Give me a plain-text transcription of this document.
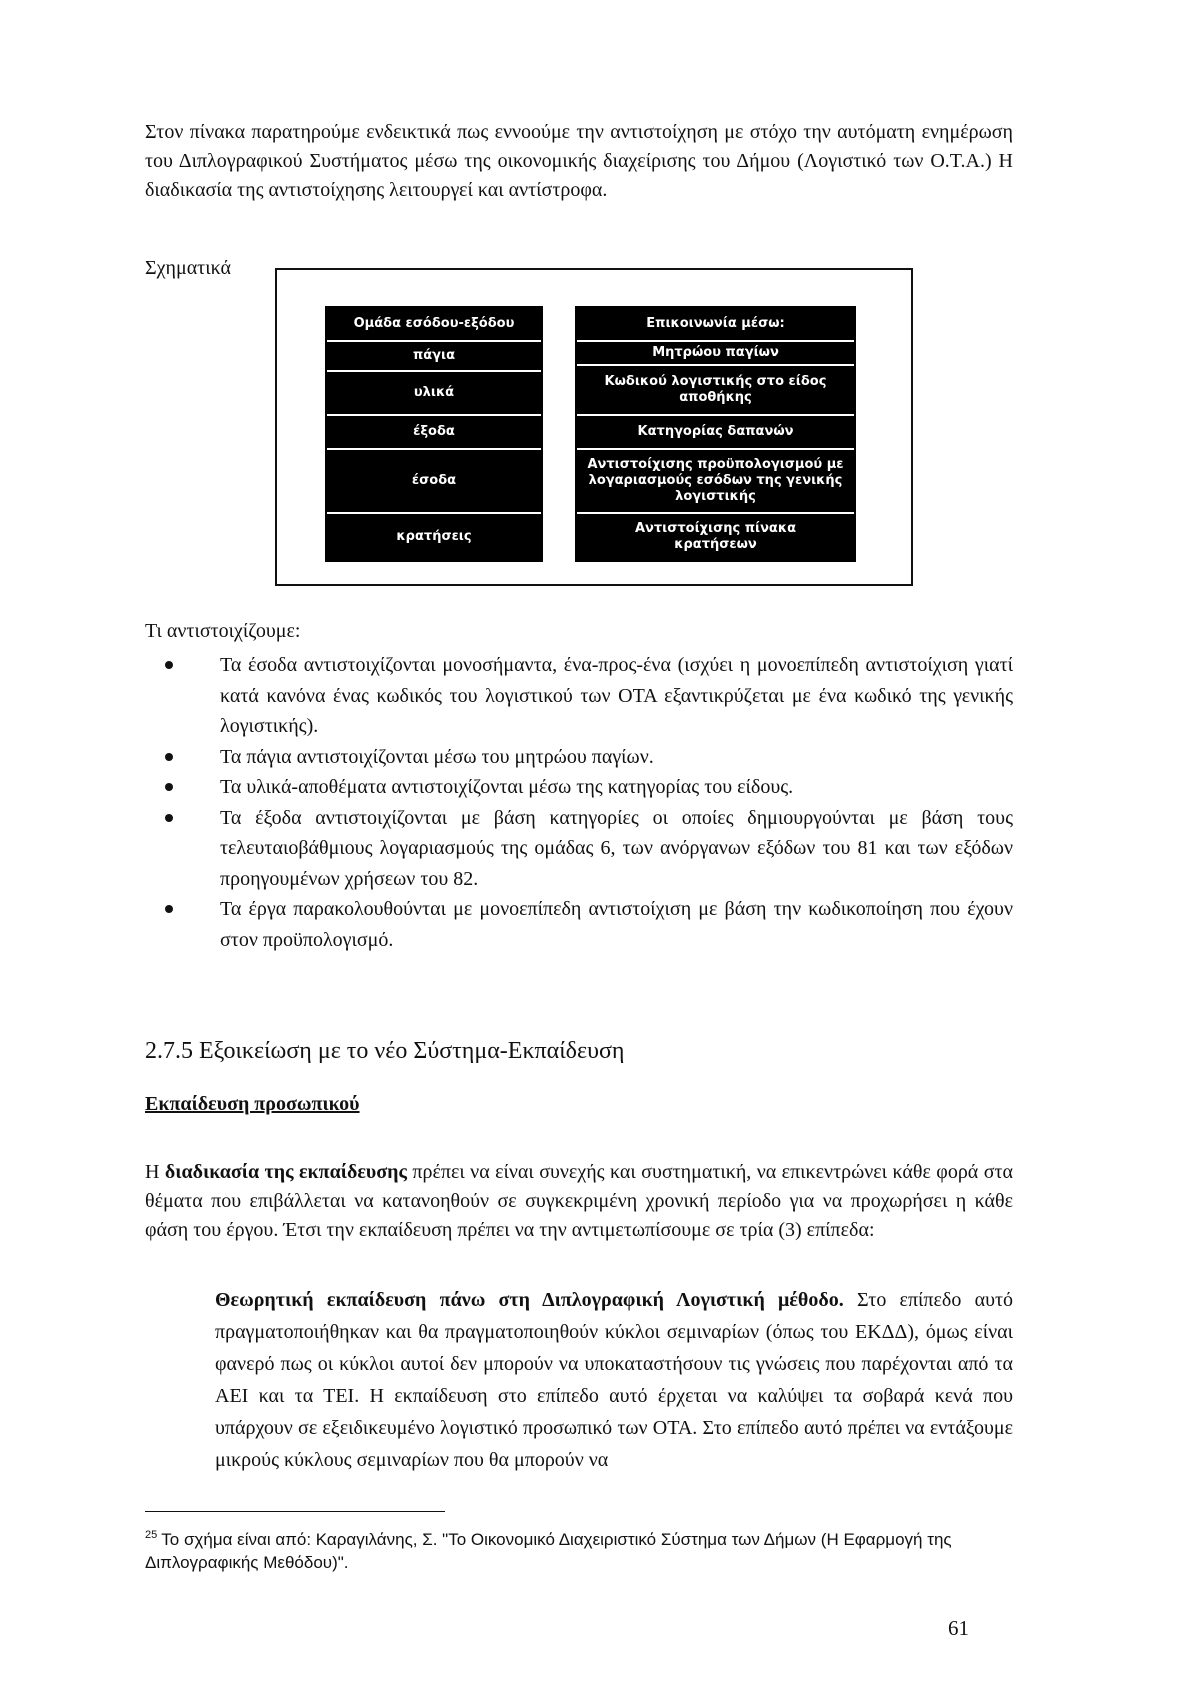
Στον πίνακα παρατηρούμε ενδεικτικά πως εννοούμε την αντιστοίχηση με στόχο την αυτόματη ενημέρωση του Διπλογραφικού Συστήματος μέσω της οικονομικής διαχείρισης του Δήμου (Λογιστικό των Ο.Τ.Α.) Η διαδικασία της αντιστοίχησης λειτουργεί και αντίστροφα.

Σχηματικά
Ομάδα εσόδου-εξόδου
πάγια
υλικά
έξοδα
έσοδα
κρατήσεις
Επικοινωνία μέσω:
Μητρώου παγίων
Κωδικού λογιστικής στο είδος αποθήκης
Κατηγορίας δαπανών
Αντιστοίχισης προϋπολογισμού με λογαριασμούς εσόδων της γενικής λογιστικής
Αντιστοίχισης πίνακα κρατήσεων
Τι αντιστοιχίζουμε:
Τα έσοδα αντιστοιχίζονται μονοσήμαντα, ένα-προς-ένα (ισχύει η μονοεπίπεδη αντιστοίχιση γιατί κατά κανόνα ένας κωδικός του λογιστικού των ΟΤΑ εξαντικρύζεται με ένα κωδικό της γενικής λογιστικής).
Τα πάγια αντιστοιχίζονται μέσω του μητρώου παγίων.
Τα υλικά-αποθέματα αντιστοιχίζονται μέσω της κατηγορίας του είδους.
Τα έξοδα αντιστοιχίζονται με βάση κατηγορίες οι οποίες δημιουργούνται με βάση τους τελευταιοβάθμιους λογαριασμούς της ομάδας 6, των ανόργανων εξόδων του 81 και των εξόδων προηγουμένων χρήσεων του 82.
Τα έργα παρακολουθούνται με μονοεπίπεδη αντιστοίχιση με βάση την κωδικοποίηση που έχουν στον προϋπολογισμό.
2.7.5 Εξοικείωση με το νέο Σύστημα-Εκπαίδευση
Εκπαίδευση προσωπικού

Η διαδικασία της εκπαίδευσης πρέπει να είναι συνεχής και συστηματική, να επικεντρώνει κάθε φορά στα θέματα που επιβάλλεται να κατανοηθούν σε συγκεκριμένη χρονική περίοδο για να προχωρήσει η κάθε φάση του έργου. Έτσι την εκπαίδευση πρέπει να την αντιμετωπίσουμε σε τρία (3) επίπεδα:

Θεωρητική εκπαίδευση πάνω στη Διπλογραφική Λογιστική μέθοδο. Στο επίπεδο αυτό πραγματοποιήθηκαν και θα πραγματοποιηθούν κύκλοι σεμιναρίων (όπως του ΕΚΔΔ), όμως είναι φανερό πως οι κύκλοι αυτοί δεν μπορούν να υποκαταστήσουν τις γνώσεις που παρέχονται από τα ΑΕΙ και τα ΤΕΙ. Η εκπαίδευση στο επίπεδο αυτό έρχεται να καλύψει τα σοβαρά κενά που υπάρχουν σε εξειδικευμένο λογιστικό προσωπικό των ΟΤΑ. Στο επίπεδο αυτό πρέπει να εντάξουμε μικρούς κύκλους σεμιναρίων που θα μπορούν να
$^{25}$ Το σχήμα είναι από: Καραγιλάνης, Σ. "Το Οικονομικό Διαχειριστικό Σύστημα των Δήμων (Η Εφαρμογή της Διπλογραφικής Μεθόδου)".
61
